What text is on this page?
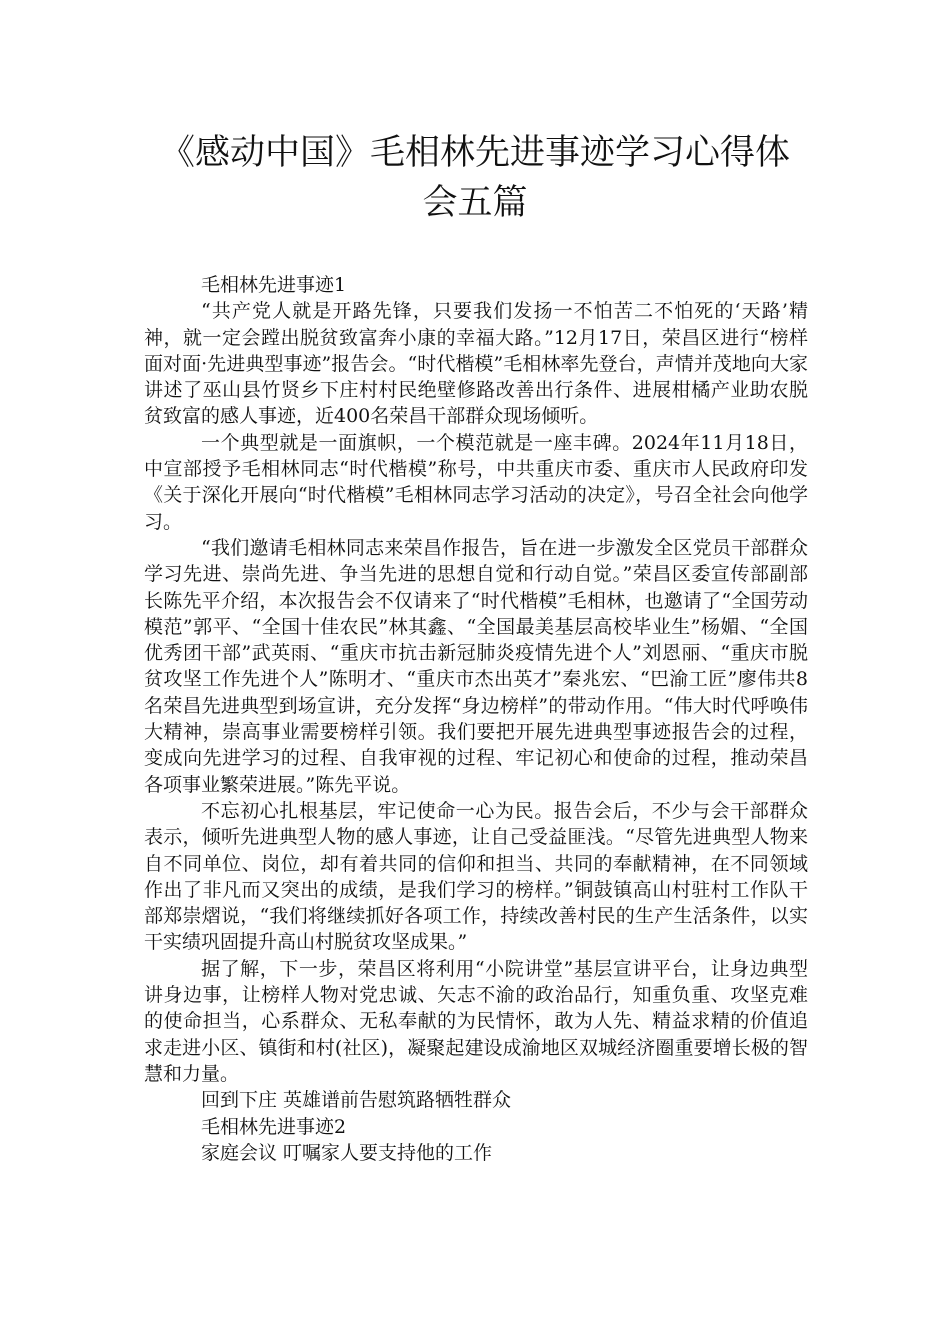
《感动中国》毛相林先进事迹学习心得体
会五篇

毛相林先进事迹1

“共产党人就是开路先锋，只要我们发扬一不怕苦二不怕死的‘天路’精神，就一定会蹚出脱贫致富奔小康的幸福大路。”12月17日，荣昌区进行“榜样面对面·先进典型事迹”报告会。“时代楷模”毛相林率先登台，声情并茂地向大家讲述了巫山县竹贤乡下庄村村民绝壁修路改善出行条件、进展柑橘产业助农脱贫致富的感人事迹，近400名荣昌干部群众现场倾听。

一个典型就是一面旗帜，一个模范就是一座丰碑。2024年11月18日，中宣部授予毛相林同志“时代楷模”称号，中共重庆市委、重庆市人民政府印发《关于深化开展向“时代楷模”毛相林同志学习活动的决定》，号召全社会向他学习。

“我们邀请毛相林同志来荣昌作报告，旨在进一步激发全区党员干部群众学习先进、崇尚先进、争当先进的思想自觉和行动自觉。”荣昌区委宣传部副部长陈先平介绍，本次报告会不仅请来了“时代楷模”毛相林，也邀请了“全国劳动模范”郭平、“全国十佳农民”林其鑫、“全国最美基层高校毕业生”杨媚、“全国优秀团干部”武英雨、“重庆市抗击新冠肺炎疫情先进个人”刘恩丽、“重庆市脱贫攻坚工作先进个人”陈明才、“重庆市杰出英才”秦兆宏、“巴渝工匠”廖伟共8名荣昌先进典型到场宣讲，充分发挥“身边榜样”的带动作用。“伟大时代呼唤伟大精神，崇高事业需要榜样引领。我们要把开展先进典型事迹报告会的过程，变成向先进学习的过程、自我审视的过程、牢记初心和使命的过程，推动荣昌各项事业繁荣进展。”陈先平说。

不忘初心扎根基层，牢记使命一心为民。报告会后，不少与会干部群众表示，倾听先进典型人物的感人事迹，让自己受益匪浅。“尽管先进典型人物来自不同单位、岗位，却有着共同的信仰和担当、共同的奉献精神，在不同领域作出了非凡而又突出的成绩，是我们学习的榜样。”铜鼓镇高山村驻村工作队干部郑崇熠说，“我们将继续抓好各项工作，持续改善村民的生产生活条件，以实干实绩巩固提升高山村脱贫攻坚成果。”

据了解，下一步，荣昌区将利用“小院讲堂”基层宣讲平台，让身边典型讲身边事，让榜样人物对党忠诚、矢志不渝的政治品行，知重负重、攻坚克难的使命担当，心系群众、无私奉献的为民情怀，敢为人先、精益求精的价值追求走进小区、镇街和村(社区)，凝聚起建设成渝地区双城经济圈重要增长极的智慧和力量。

回到下庄 英雄谱前告慰筑路牺牲群众

毛相林先进事迹2

家庭会议 叮嘱家人要支持他的工作
